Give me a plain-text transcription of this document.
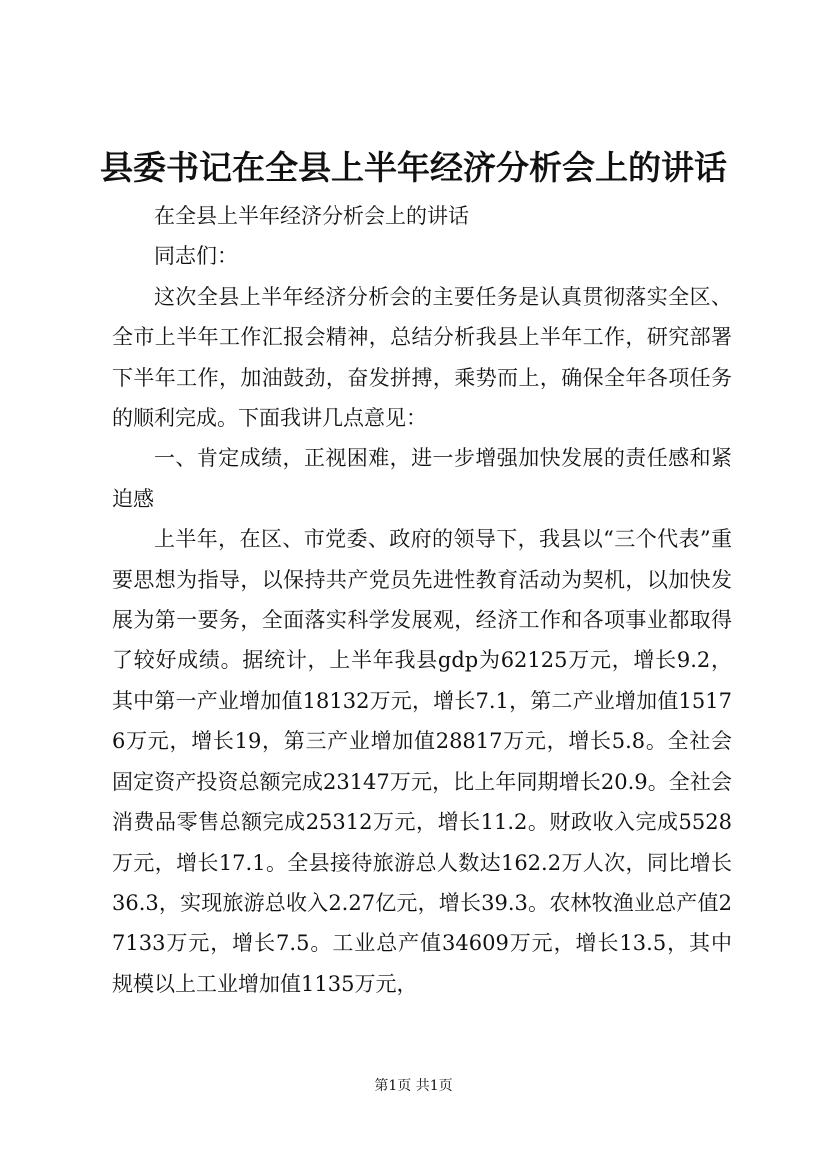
县委书记在全县上半年经济分析会上的讲话

在全县上半年经济分析会上的讲话

同志们：

这次全县上半年经济分析会的主要任务是认真贯彻落实全区、全市上半年工作汇报会精神，总结分析我县上半年工作，研究部署下半年工作，加油鼓劲，奋发拼搏，乘势而上，确保全年各项任务的顺利完成。下面我讲几点意见：

一、肯定成绩，正视困难，进一步增强加快发展的责任感和紧迫感

上半年，在区、市党委、政府的领导下，我县以“三个代表”重要思想为指导，以保持共产党员先进性教育活动为契机，以加快发展为第一要务，全面落实科学发展观，经济工作和各项事业都取得了较好成绩。据统计，上半年我县gdp为62125万元，增长9.2，其中第一产业增加值18132万元，增长7.1，第二产业增加值15176万元，增长19，第三产业增加值28817万元，增长5.8。全社会固定资产投资总额完成23147万元，比上年同期增长20.9。全社会消费品零售总额完成25312万元，增长11.2。财政收入完成5528万元，增长17.1。全县接待旅游总人数达162.2万人次，同比增长36.3，实现旅游总收入2.27亿元，增长39.3。农林牧渔业总产值27133万元，增长7.5。工业总产值34609万元，增长13.5，其中规模以上工业增加值1135万元，

第1页 共1页
